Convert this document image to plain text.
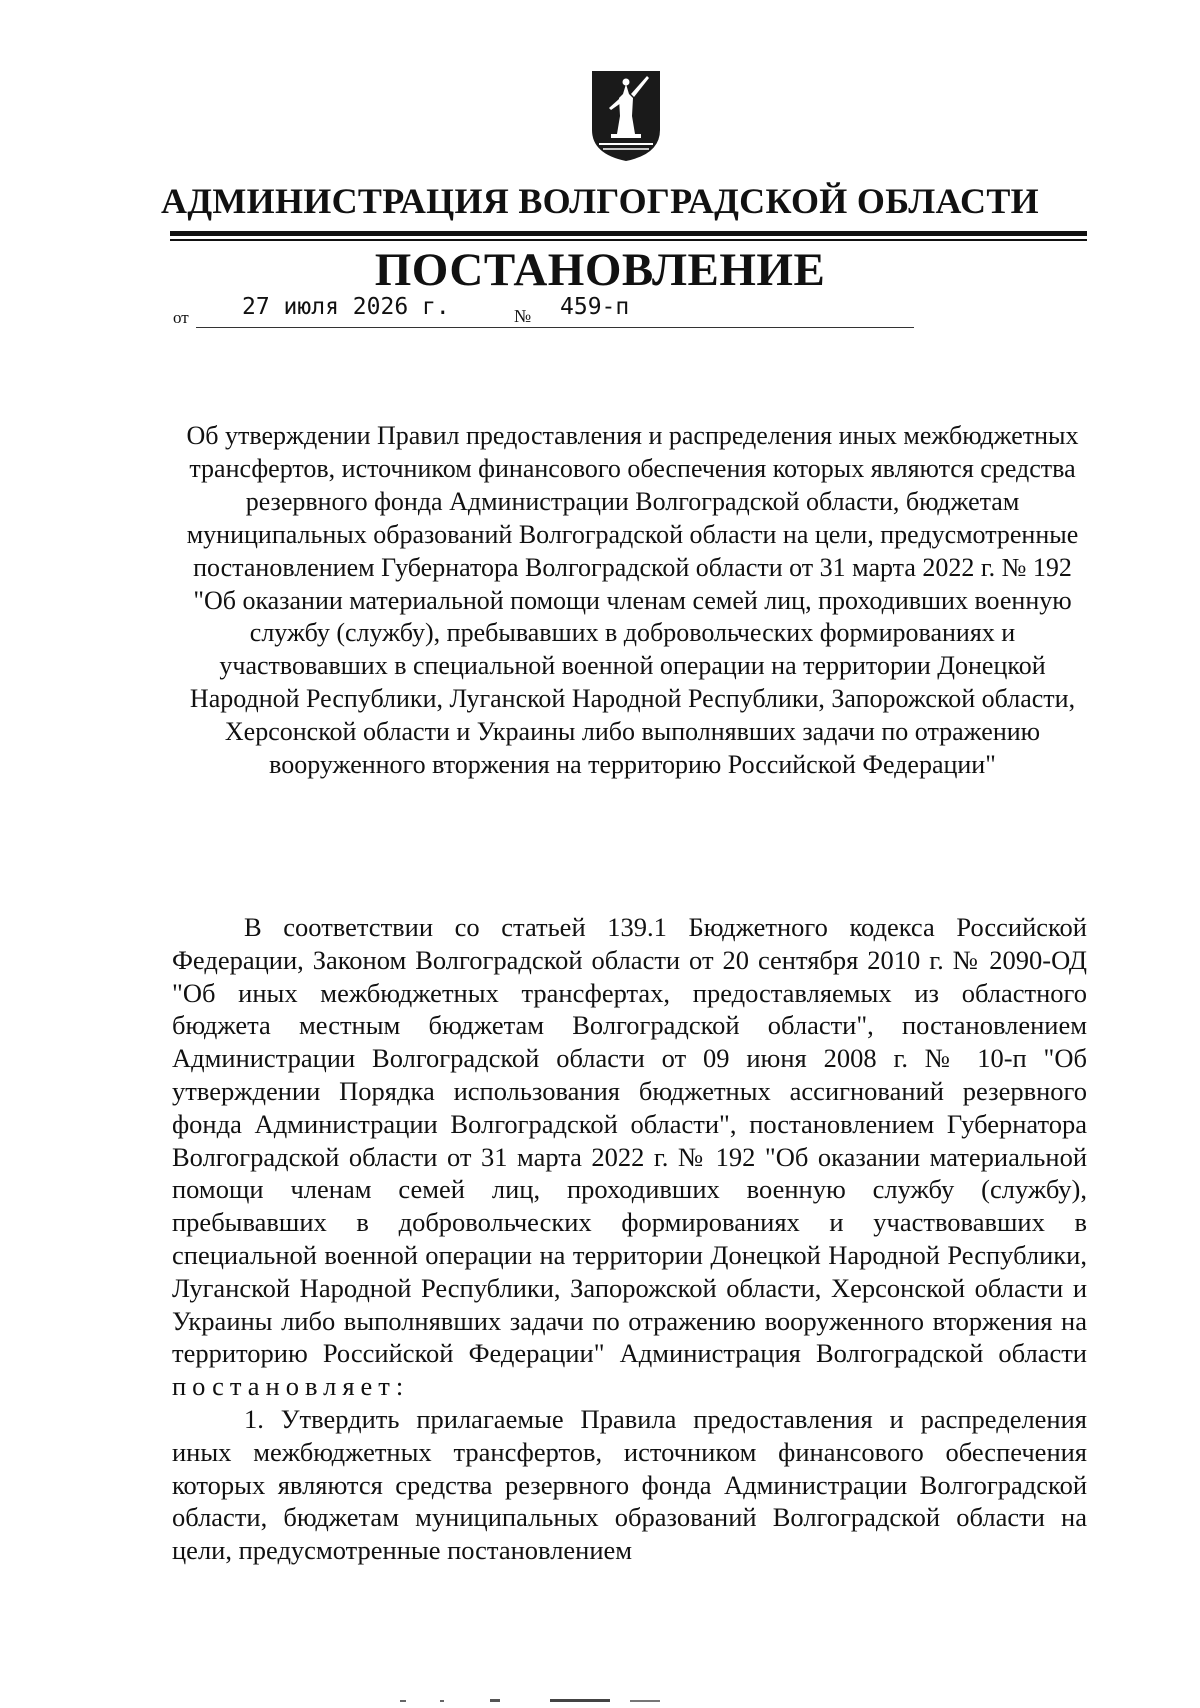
АДМИНИСТРАЦИЯ ВОЛГОГРАДСКОЙ ОБЛАСТИ
ПОСТАНОВЛЕНИЕ
от 27 июля 2026 г.	№ 459-п
Об утверждении Правил предоставления и распределения иных межбюджетных трансфертов, источником финансового обеспечения которых являются средства резервного фонда Администрации Волгоградской области, бюджетам муниципальных образований Волгоградской области на цели, предусмотренные постановлением Губернатора Волгоградской области от 31 марта 2022 г. № 192 "Об оказании материальной помощи членам семей лиц, проходивших военную службу (службу), пребывавших в добровольческих формированиях и участвовавших в специальной военной операции на территории Донецкой Народной Республики, Луганской Народной Республики, Запорожской области, Херсонской области и Украины либо выполнявших задачи по отражению вооруженного вторжения на территорию Российской Федерации"

В соответствии со статьей 139.1 Бюджетного кодекса Российской Федерации, Законом Волгоградской области от 20 сентября 2010 г. № 2090-ОД "Об иных межбюджетных трансфертах, предоставляемых из областного бюджета местным бюджетам Волгоградской области", постановлением Администрации Волгоградской области от 09 июня 2008 г. № 10-п "Об утверждении Порядка использования бюджетных ассигнований резервного фонда Администрации Волгоградской области", постановлением Губернатора Волгоградской области от 31 марта 2022 г. № 192 "Об оказании материальной помощи членам семей лиц, проходивших военную службу (службу), пребывавших в добровольческих формированиях и участвовавших в специальной военной операции на территории Донецкой Народной Республики, Луганской Народной Республики, Запорожской области, Херсонской области и Украины либо выполнявших задачи по отражению вооруженного вторжения на территорию Российской Федерации" Администрация Волгоградской области постановляет:

1. Утвердить прилагаемые Правила предоставления и распределения иных межбюджетных трансфертов, источником финансового обеспечения которых являются средства резервного фонда Администрации Волгоградской области, бюджетам муниципальных образований Волгоградской области на цели, предусмотренные постановлением
